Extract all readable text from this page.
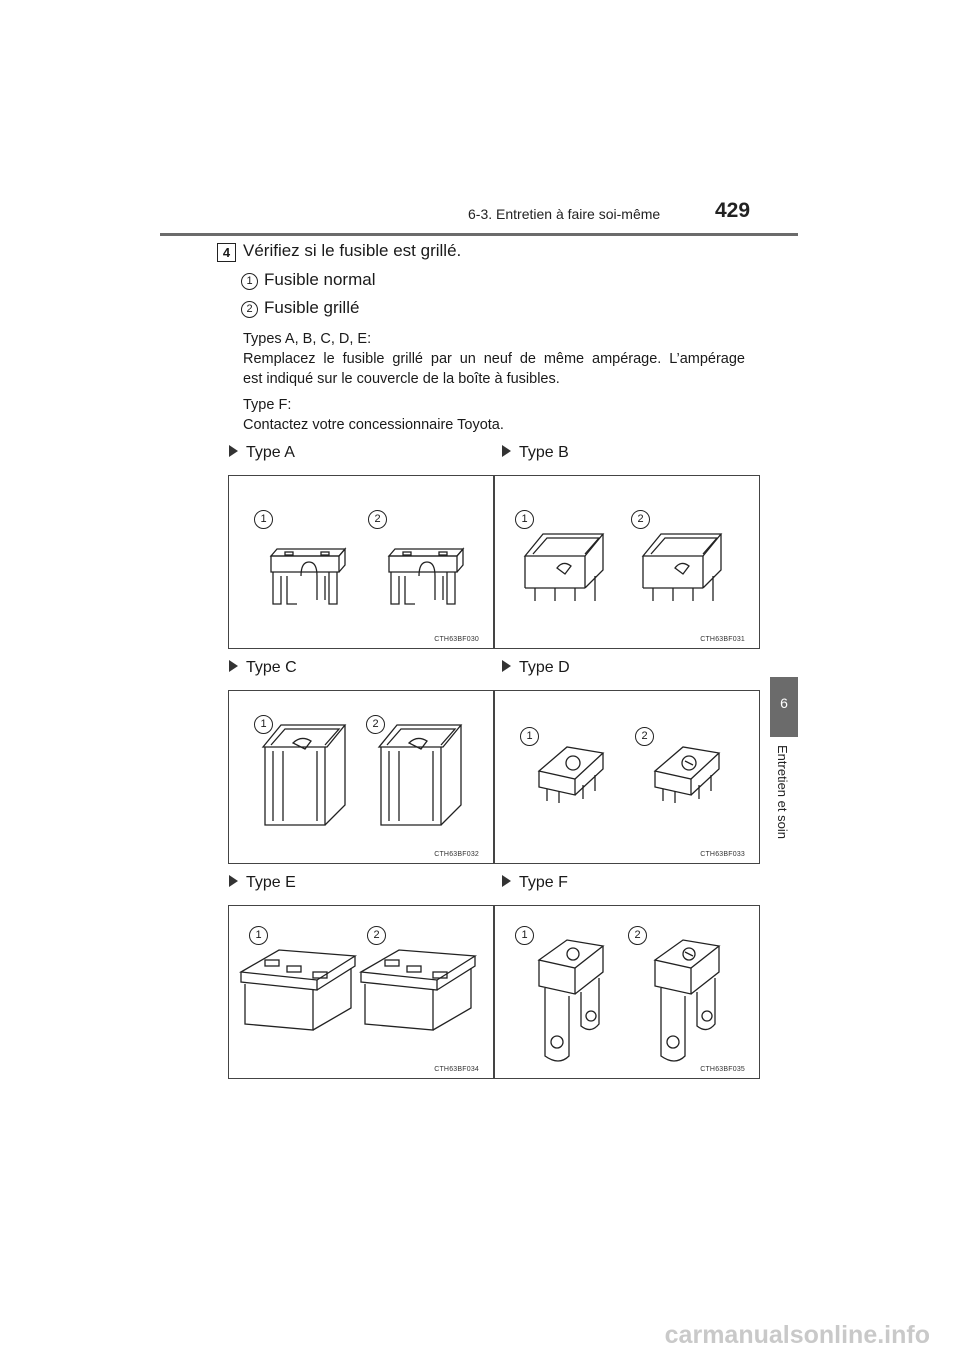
6-3. Entretien à faire soi-même	429
6
Entretien et soin
4 Vérifiez si le fusible est grillé.
1 Fusible normal
2 Fusible grillé
Types A, B, C, D, E:
Remplacez le fusible grillé par un neuf de même ampérage. L’ampérage
est indiqué sur le couvercle de la boîte à fusibles.
Type F:
Contactez votre concessionnaire Toyota.
Type A	Type B
Type C	Type D
Type E	Type F
1	2
CTH63BF030
1	2
CTH63BF031
1	2
CTH63BF032
1	2
CTH63BF033
1	2
CTH63BF034
1	2
CTH63BF035
carmanualsonline.info
